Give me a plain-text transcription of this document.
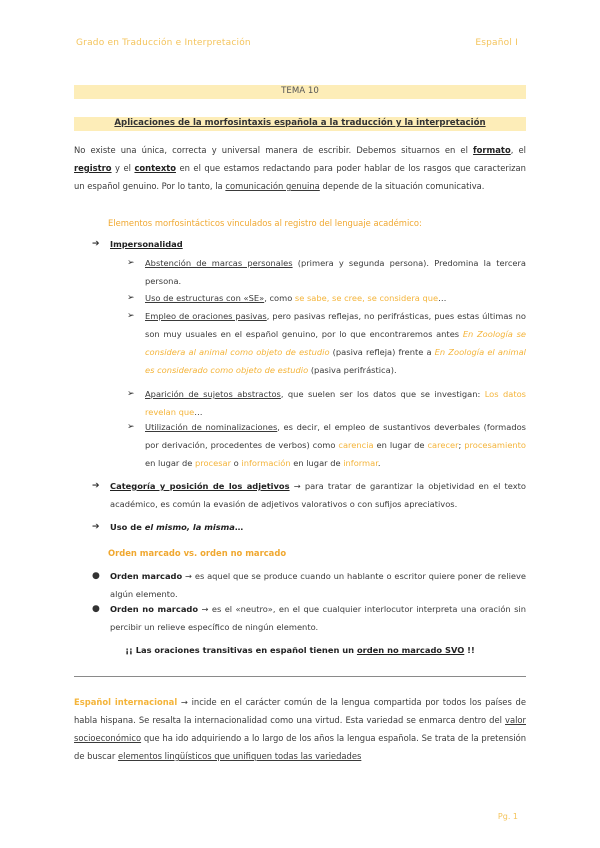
Grado en Traducción e Interpretación	Español I
TEMA 10
Aplicaciones de la morfosintaxis española a la traducción y la interpretación
No existe una única, correcta y universal manera de escribir. Debemos situarnos en el formato, el registro y el contexto en el que estamos redactando para poder hablar de los rasgos que caracterizan un español genuino. Por lo tanto, la comunicación genuina depende de la situación comunicativa.
Elementos morfosintácticos vinculados al registro del lenguaje académico:
➔ Impersonalidad
➢ Abstención de marcas personales (primera y segunda persona). Predomina la tercera persona.
➢ Uso de estructuras con «SE», como se sabe, se cree, se considera que…
➢ Empleo de oraciones pasivas, pero pasivas reflejas, no perifrásticas, pues estas últimas no son muy usuales en el español genuino, por lo que encontraremos antes En Zoología se considera al animal como objeto de estudio (pasiva refleja) frente a En Zoología el animal es considerado como objeto de estudio (pasiva perifrástica).
➢ Aparición de sujetos abstractos, que suelen ser los datos que se investigan: Los datos revelan que…
➢ Utilización de nominalizaciones, es decir, el empleo de sustantivos deverbales (formados por derivación, procedentes de verbos) como carencia en lugar de carecer; procesamiento en lugar de procesar o información en lugar de informar.
➔ Categoría y posición de los adjetivos → para tratar de garantizar la objetividad en el texto académico, es común la evasión de adjetivos valorativos o con sufijos apreciativos.
➔ Uso de el mismo, la misma…
Orden marcado vs. orden no marcado
● Orden marcado → es aquel que se produce cuando un hablante o escritor quiere poner de relieve algún elemento.
● Orden no marcado → es el «neutro», en el que cualquier interlocutor interpreta una oración sin percibir un relieve específico de ningún elemento.
¡¡ Las oraciones transitivas en español tienen un orden no marcado SVO !!
Español internacional → incide en el carácter común de la lengua compartida por todos los países de habla hispana. Se resalta la internacionalidad como una virtud. Esta variedad se enmarca dentro del valor socioeconómico que ha ido adquiriendo a lo largo de los años la lengua española. Se trata de la pretensión de buscar elementos lingüísticos que unifiquen todas las variedades
Pg. 1
